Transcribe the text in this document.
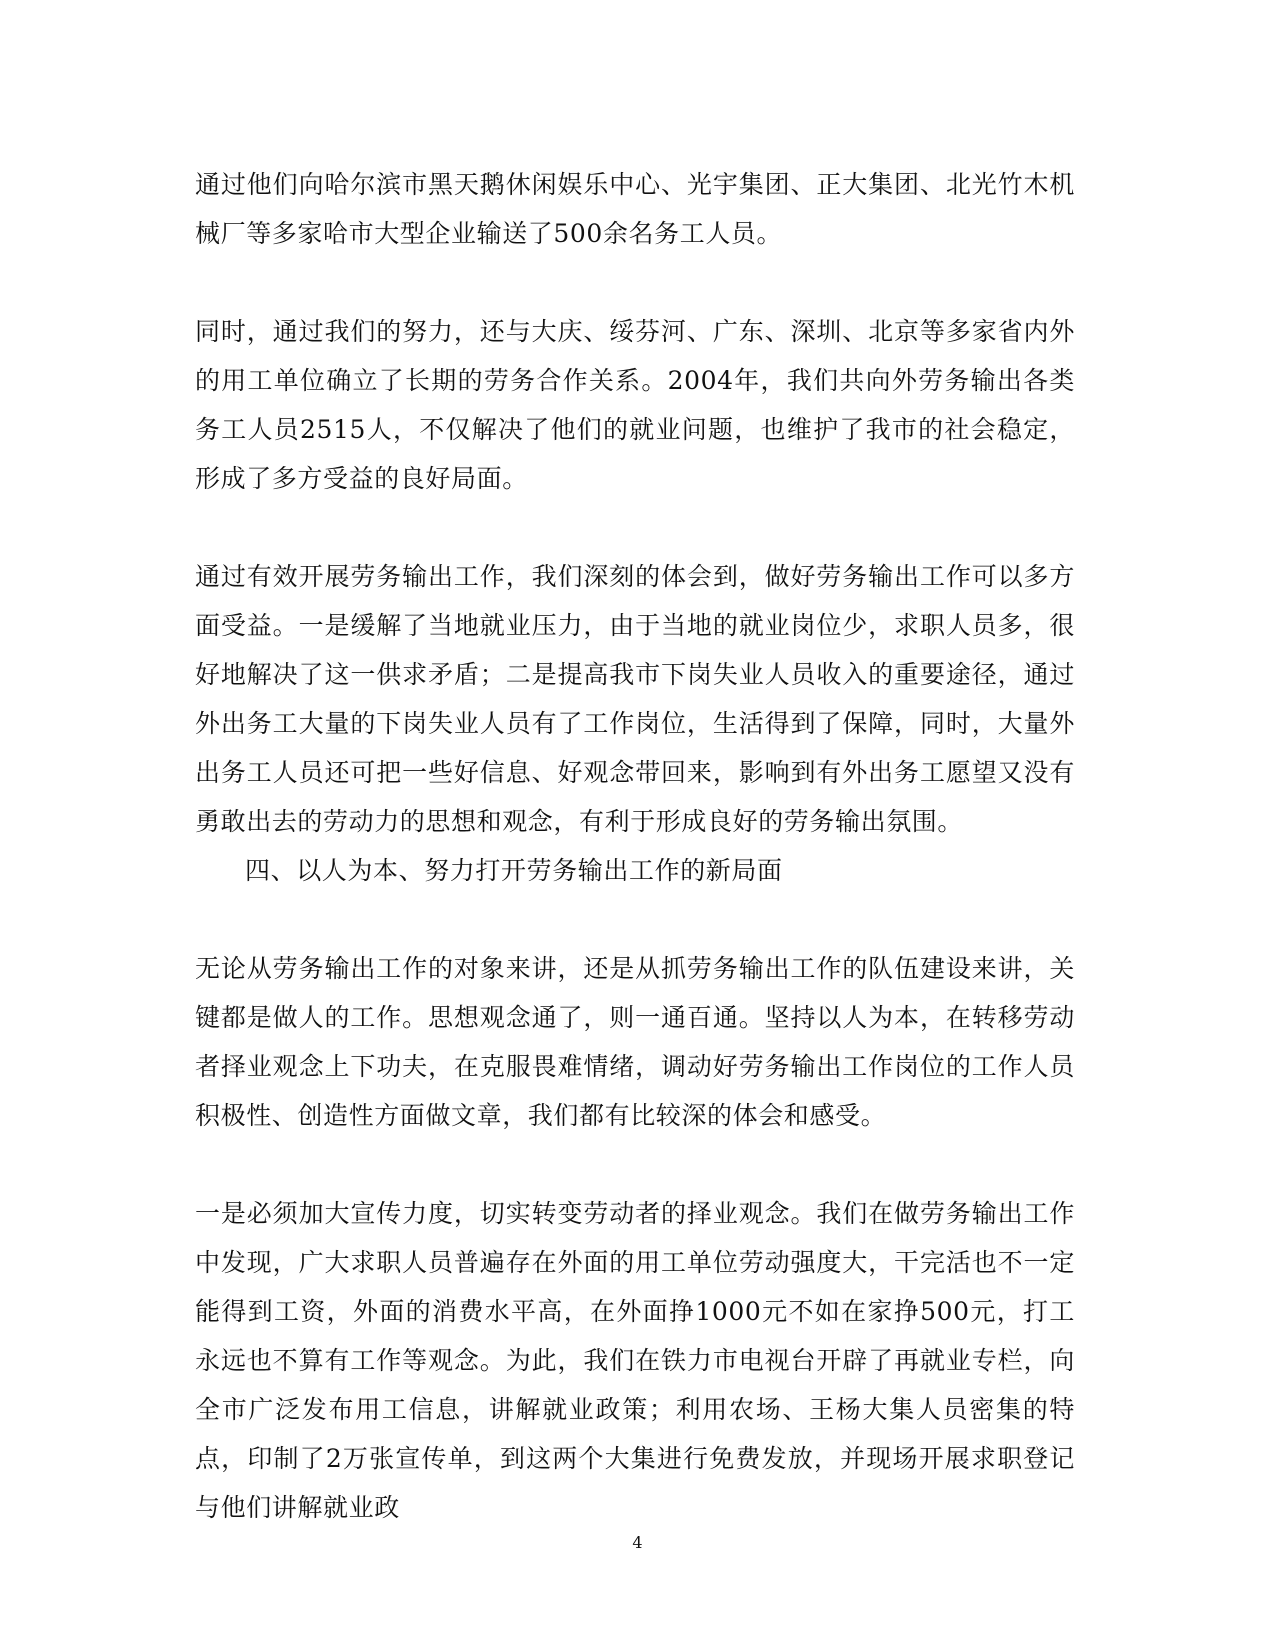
通过他们向哈尔滨市黑天鹅休闲娱乐中心、光宇集团、正大集团、北光竹木机械厂等多家哈市大型企业输送了500余名务工人员。

同时，通过我们的努力，还与大庆、绥芬河、广东、深圳、北京等多家省内外的用工单位确立了长期的劳务合作关系。2004年，我们共向外劳务输出各类务工人员2515人，不仅解决了他们的就业问题，也维护了我市的社会稳定，形成了多方受益的良好局面。

通过有效开展劳务输出工作，我们深刻的体会到，做好劳务输出工作可以多方面受益。一是缓解了当地就业压力，由于当地的就业岗位少，求职人员多，很好地解决了这一供求矛盾；二是提高我市下岗失业人员收入的重要途径，通过外出务工大量的下岗失业人员有了工作岗位，生活得到了保障，同时，大量外出务工人员还可把一些好信息、好观念带回来，影响到有外出务工愿望又没有勇敢出去的劳动力的思想和观念，有利于形成良好的劳务输出氛围。

四、以人为本、努力打开劳务输出工作的新局面

无论从劳务输出工作的对象来讲，还是从抓劳务输出工作的队伍建设来讲，关键都是做人的工作。思想观念通了，则一通百通。坚持以人为本，在转移劳动者择业观念上下功夫，在克服畏难情绪，调动好劳务输出工作岗位的工作人员积极性、创造性方面做文章，我们都有比较深的体会和感受。

一是必须加大宣传力度，切实转变劳动者的择业观念。我们在做劳务输出工作中发现，广大求职人员普遍存在外面的用工单位劳动强度大，干完活也不一定能得到工资，外面的消费水平高，在外面挣1000元不如在家挣500元，打工永远也不算有工作等观念。为此，我们在铁力市电视台开辟了再就业专栏，向全市广泛发布用工信息，讲解就业政策；利用农场、王杨大集人员密集的特点，印制了2万张宣传单，到这两个大集进行免费发放，并现场开展求职登记与他们讲解就业政

4
